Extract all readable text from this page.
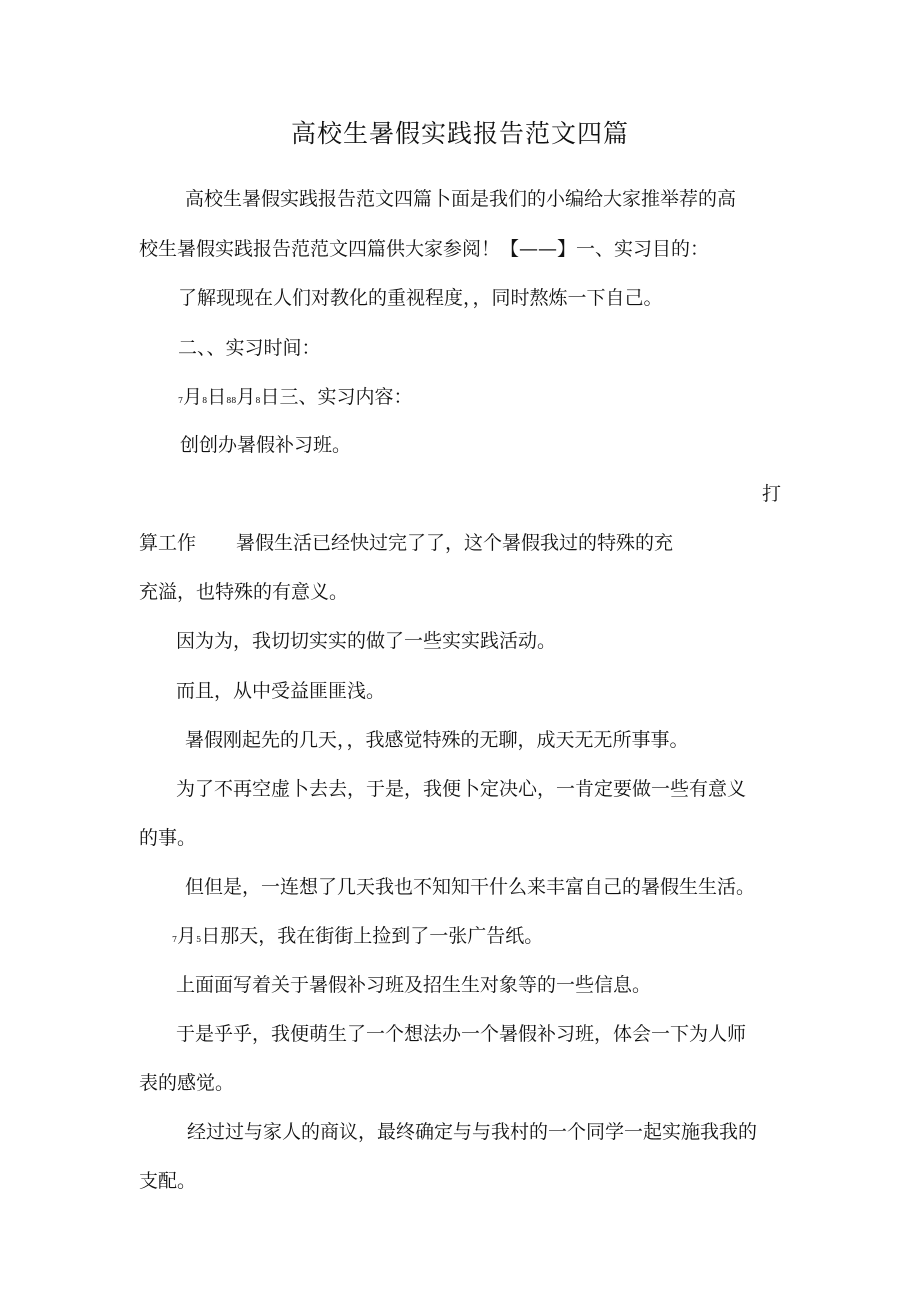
高校生暑假实践报告范文四篇
高校生暑假实践报告范文四篇卜面是我们的小编给大家推举荐的高
校生暑假实践报告范范文四篇供大家参阅！【——】一、实习目的：
了解现现在人们对教化的重视程度，，同时熬炼一下自己。
二、、实习时间：
7月8日88月8日三、实习内容：
创创办暑假补习班。
打
算工作 暑假生活已经快过完了了，这个暑假我过的特殊的充
充溢，也特殊的有意义。
因为为，我切切实实的做了一些实实践活动。
而且，从中受益匪匪浅。
暑假刚起先的几天，，我感觉特殊的无聊，成天无无所事事。
为了不再空虚卜去去，于是，我便卜定决心，一肯定要做一些有意义
的事。
但但是，一连想了几天我也不知知干什么来丰富自己的暑假生生活。
7月5日那天，我在街街上捡到了一张广告纸。
上面面写着关于暑假补习班及招生生对象等的一些信息。
于是乎乎，我便萌生了一个想法办一个暑假补习班，体会一下为人师
表的感觉。
经过过与家人的商议，最终确定与与我村的一个同学一起实施我我的
支配。
